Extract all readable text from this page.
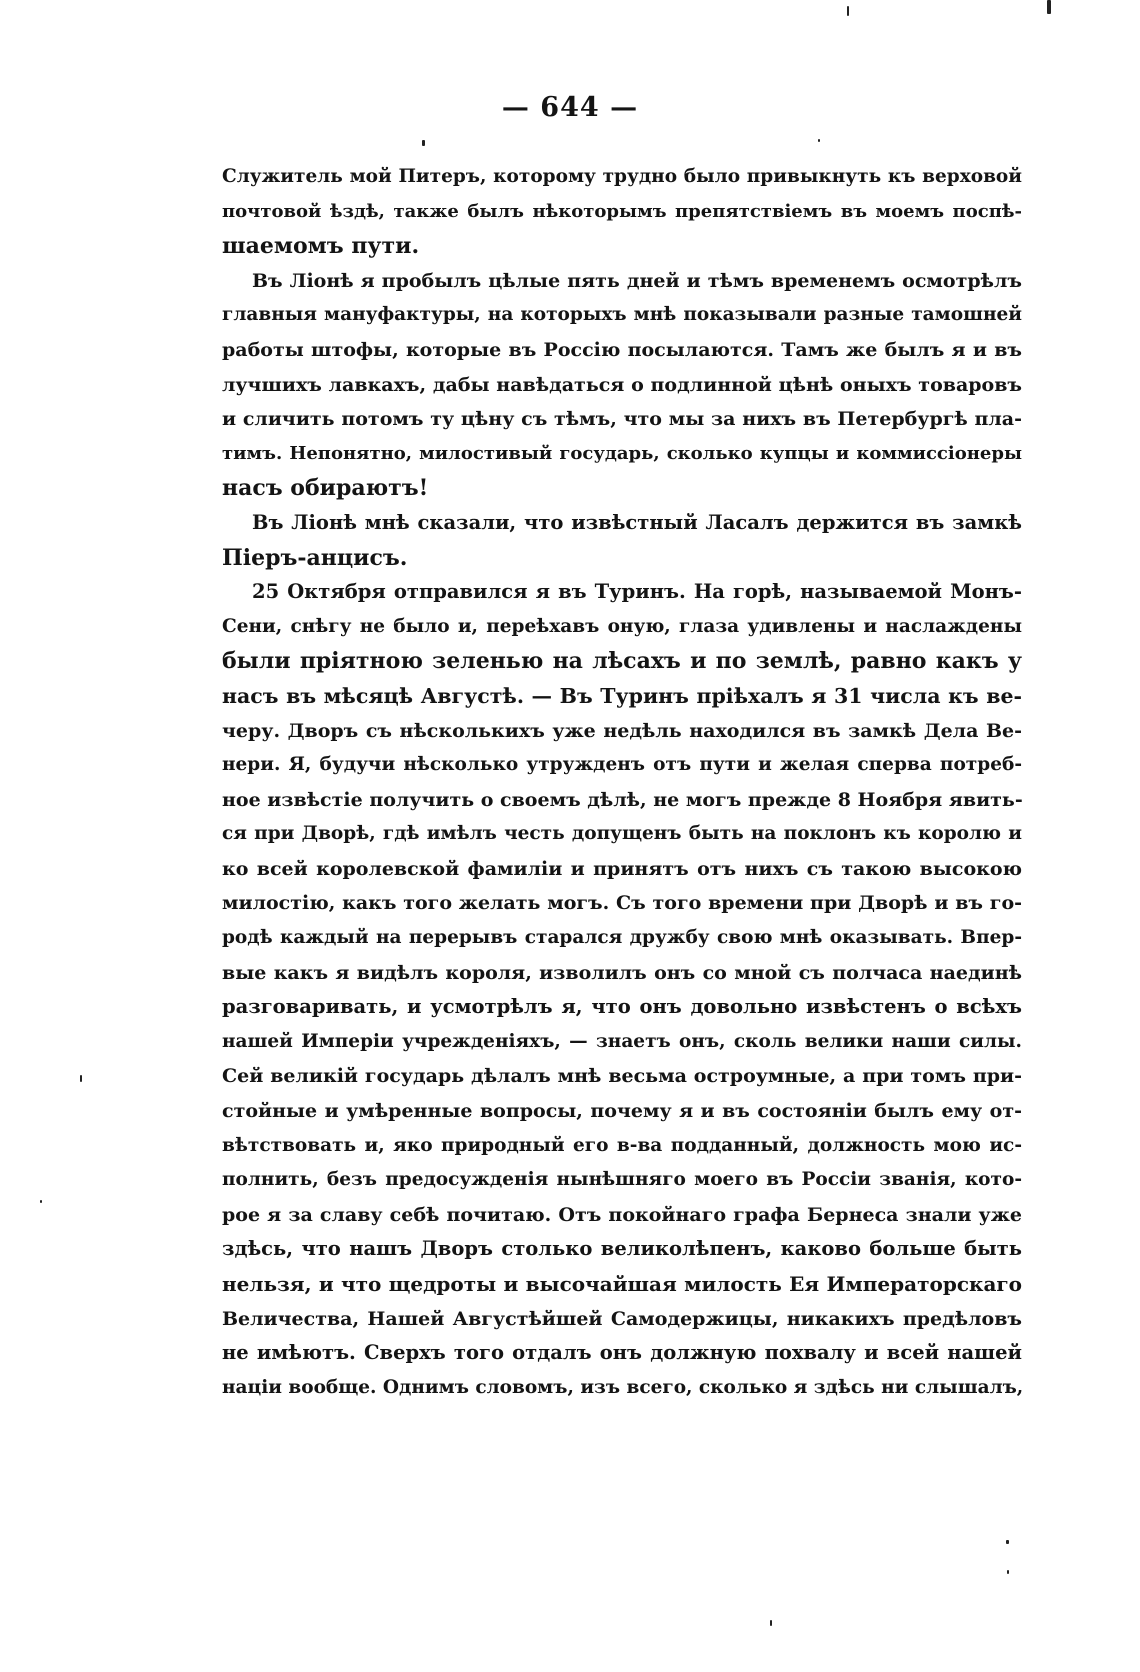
— 644 —
Служитель мой Питеръ, которому трудно было привыкнуть къ верховой
почтовой ѣздѣ, также былъ нѣкоторымъ препятствіемъ въ моемъ поспѣ-
шаемомъ пути.
Въ Ліонѣ я пробылъ цѣлые пять дней и тѣмъ временемъ осмотрѣлъ
главныя мануфактуры, на которыхъ мнѣ показывали разные тамошней
работы штофы, которые въ Россію посылаются. Тамъ же былъ я и въ
лучшихъ лавкахъ, дабы навѣдаться о подлинной цѣнѣ оныхъ товаровъ
и сличить потомъ ту цѣну съ тѣмъ, что мы за нихъ въ Петербургѣ пла-
тимъ. Непонятно, милостивый государь, сколько купцы и коммиссіонеры
насъ обираютъ!
Въ Ліонѣ мнѣ сказали, что извѣстный Ласалъ держится въ замкѣ
Піеръ-анцисъ.
25 Октября отправился я въ Туринъ. На горѣ, называемой Монъ-
Сени, снѣгу не было и, переѣхавъ оную, глаза удивлены и наслаждены
были пріятною зеленью на лѣсахъ и по землѣ, равно какъ у
насъ въ мѣсяцѣ Августѣ. — Въ Туринъ пріѣхалъ я 31 числа къ ве-
черу. Дворъ съ нѣсколькихъ уже недѣль находился въ замкѣ Дела Ве-
нери. Я, будучи нѣсколько утружденъ отъ пути и желая сперва потреб-
ное извѣстіе получить о своемъ дѣлѣ, не могъ прежде 8 Ноября явить-
ся при Дворѣ, гдѣ имѣлъ честь допущенъ быть на поклонъ къ королю и
ко всей королевской фамиліи и принятъ отъ нихъ съ такою высокою
милостію, какъ того желать могъ. Съ того времени при Дворѣ и въ го-
родѣ каждый на перерывъ старался дружбу свою мнѣ оказывать. Впер-
вые какъ я видѣлъ короля, изволилъ онъ со мной съ полчаса наединѣ
разговаривать, и усмотрѣлъ я, что онъ довольно извѣстенъ о всѣхъ
нашей Имперіи учрежденіяхъ, — знаетъ онъ, сколь велики наши силы.
Сей великій государь дѣлалъ мнѣ весьма остроумные, а при томъ при-
стойные и умѣренные вопросы, почему я и въ состояніи былъ ему от-
вѣтствовать и, яко природный его в-ва подданный, должность мою ис-
полнить, безъ предосужденія нынѣшняго моего въ Россіи званія, кото-
рое я за славу себѣ почитаю. Отъ покойнаго графа Бернеса знали уже
здѣсь, что нашъ Дворъ столько великолѣпенъ, каково больше быть
нельзя, и что щедроты и высочайшая милость Ея Императорскаго
Величества, Нашей Августѣйшей Самодержицы, никакихъ предѣловъ
не имѣютъ. Сверхъ того отдалъ онъ должную похвалу и всей нашей
націи вообще. Однимъ словомъ, изъ всего, сколько я здѣсь ни слышалъ,
